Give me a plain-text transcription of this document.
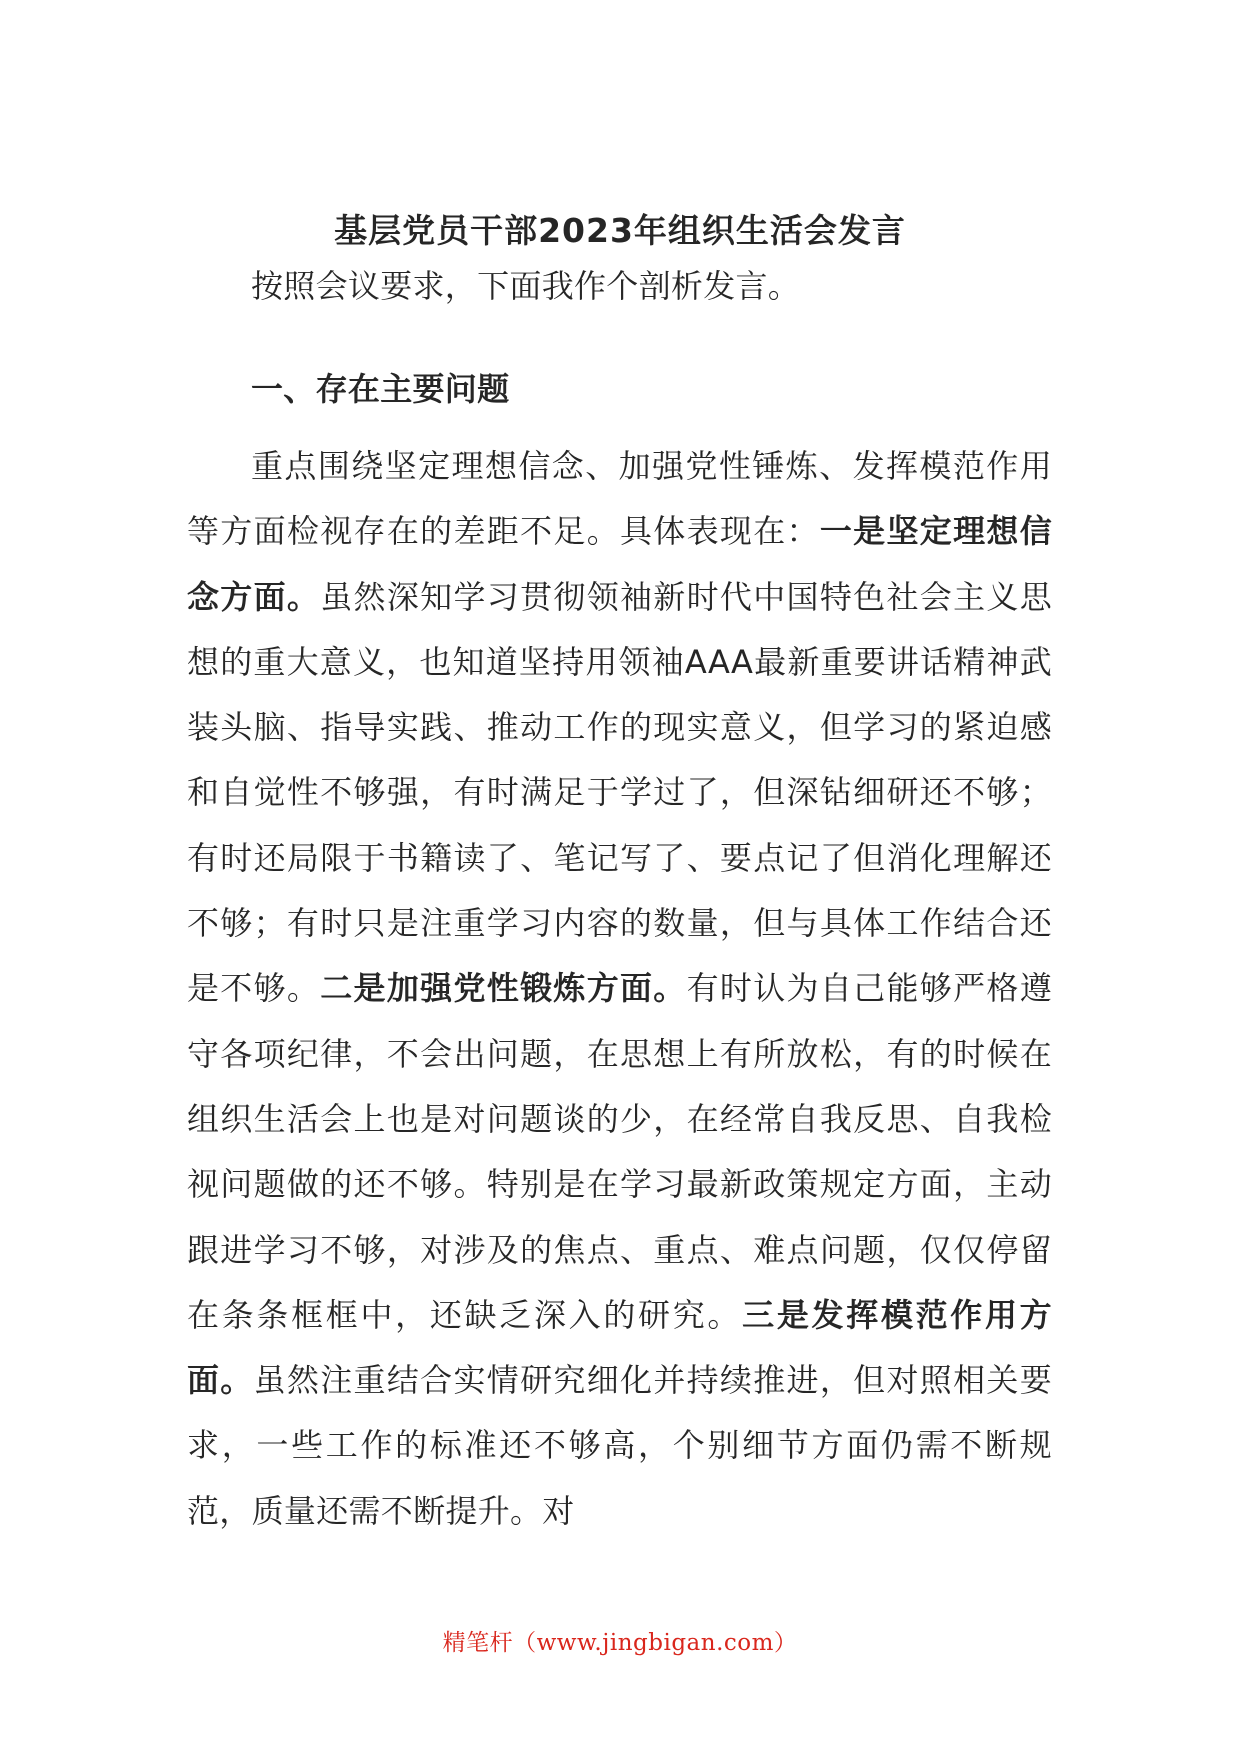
基层党员干部2023年组织生活会发言
按照会议要求，下面我作个剖析发言。
一、存在主要问题
重点围绕坚定理想信念、加强党性锤炼、发挥模范作用等方面检视存在的差距不足。具体表现在：一是坚定理想信念方面。虽然深知学习贯彻领袖新时代中国特色社会主义思想的重大意义，也知道坚持用领袖AAA最新重要讲话精神武装头脑、指导实践、推动工作的现实意义，但学习的紧迫感和自觉性不够强，有时满足于学过了，但深钻细研还不够；有时还局限于书籍读了、笔记写了、要点记了但消化理解还不够；有时只是注重学习内容的数量，但与具体工作结合还是不够。二是加强党性锻炼方面。有时认为自己能够严格遵守各项纪律，不会出问题，在思想上有所放松，有的时候在组织生活会上也是对问题谈的少，在经常自我反思、自我检视问题做的还不够。特别是在学习最新政策规定方面，主动跟进学习不够，对涉及的焦点、重点、难点问题，仅仅停留在条条框框中，还缺乏深入的研究。三是发挥模范作用方面。虽然注重结合实情研究细化并持续推进，但对照相关要求，一些工作的标准还不够高，个别细节方面仍需不断规范，质量还需不断提升。对
精笔杆（www.jingbigan.com）
